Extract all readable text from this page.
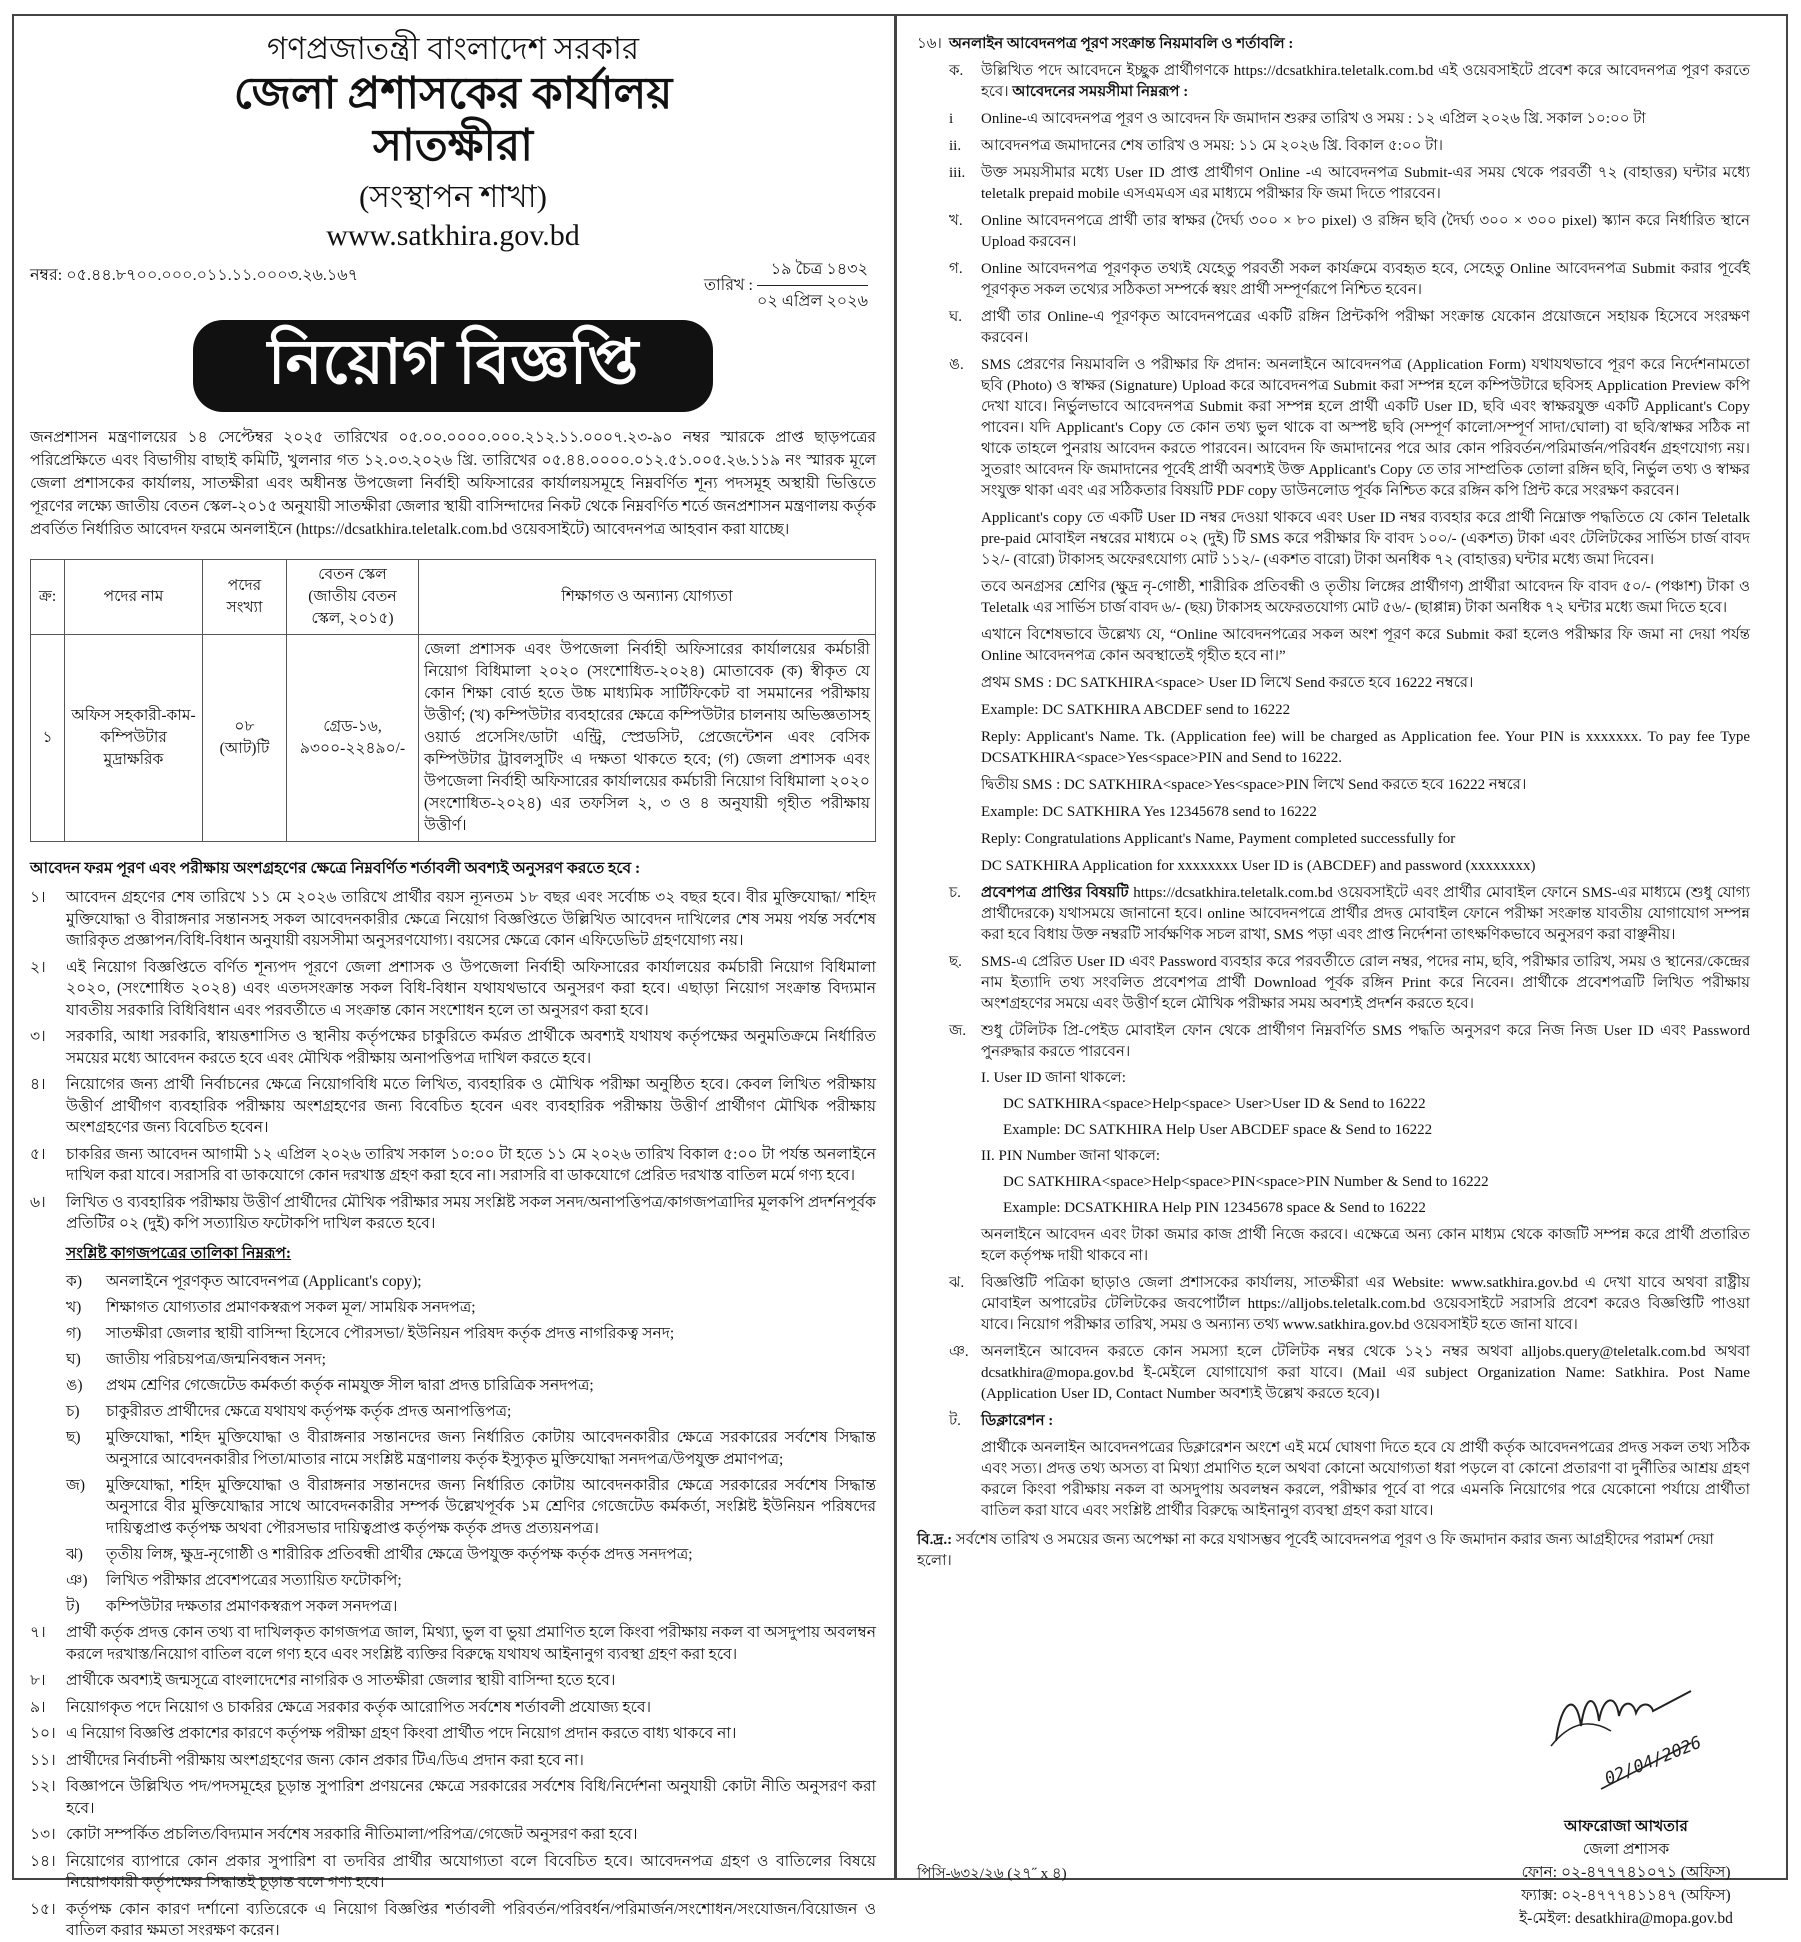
গণপ্রজাতন্ত্রী বাংলাদেশ সরকার
জেলা প্রশাসকের কার্যালয়
সাতক্ষীরা
(সংস্থাপন শাখা)
www.satkhira.gov.bd
নম্বর: ০৫.৪৪.৮৭০০.০০০.০১১.১১.০০০৩.২৬.১৬৭
তারিখ :
১৯ চৈত্র ১৪৩২
০২ এপ্রিল ২০২৬
নিয়োগ বিজ্ঞপ্তি
জনপ্রশাসন মন্ত্রণালয়ের ১৪ সেপ্টেম্বর ২০২৫ তারিখের ০৫.০০.০০০০.০০০.২১২.১১.০০০৭.২৩-৯০ নম্বর স্মারকে প্রাপ্ত ছাড়পত্রের পরিপ্রেক্ষিতে এবং বিভাগীয় বাছাই কমিটি, খুলনার গত ১২.০৩.২০২৬ খ্রি. তারিখের ০৫.৪৪.০০০০.০১২.৫১.০০৫.২৬.১১৯ নং স্মারক মূলে জেলা প্রশাসকের কার্যালয়, সাতক্ষীরা এবং অধীনস্ত উপজেলা নির্বাহী অফিসারের কার্যালয়সমূহে নিম্নবর্ণিত শূন্য পদসমূহ অস্থায়ী ভিত্তিতে পূরণের লক্ষ্যে জাতীয় বেতন স্কেল-২০১৫ অনুযায়ী সাতক্ষীরা জেলার স্থায়ী বাসিন্দাদের নিকট থেকে নিম্নবর্ণিত শর্তে জনপ্রশাসন মন্ত্রণালয় কর্তৃক প্রবর্তিত নির্ধারিত আবেদন ফরমে অনলাইনে (https://dcsatkhira.teletalk.com.bd ওয়েবসাইটে) আবেদনপত্র আহবান করা যাচ্ছে।
ক্র:	পদের নাম	পদের সংখ্যা	বেতন স্কেল (জাতীয় বেতন স্কেল, ২০১৫)	শিক্ষাগত ও অন্যান্য যোগ্যতা
১	অফিস সহকারী-কাম-কম্পিউটার মুদ্রাক্ষরিক	০৮ (আট)টি	গ্রেড-১৬, ৯৩০০-২২৪৯০/-	জেলা প্রশাসক এবং উপজেলা নির্বাহী অফিসারের কার্যালয়ের কর্মচারী নিয়োগ বিধিমালা ২০২০ (সংশোধিত-২০২৪) মোতাবেক (ক) স্বীকৃত যে কোন শিক্ষা বোর্ড হতে উচ্চ মাধ্যমিক সার্টিফিকেট বা সমমানের পরীক্ষায় উত্তীর্ণ; (খ) কম্পিউটার ব্যবহারের ক্ষেত্রে কম্পিউটার চালনায় অভিজ্ঞতাসহ ওয়ার্ড প্রসেসিং/ডাটা এন্ট্রি, স্প্রেডসিট, প্রেজেন্টেশন এবং বেসিক কম্পিউটার ট্রাবলসুটিং এ দক্ষতা থাকতে হবে; (গ) জেলা প্রশাসক এবং উপজেলা নির্বাহী অফিসারের কার্যালয়ের কর্মচারী নিয়োগ বিধিমালা ২০২০ (সংশোধিত-২০২৪) এর তফসিল ২, ৩ ও ৪ অনুযায়ী গৃহীত পরীক্ষায় উত্তীর্ণ।
আবেদন ফরম পূরণ এবং পরীক্ষায় অংশগ্রহণের ক্ষেত্রে নিম্নবর্ণিত শর্তাবলী অবশ্যই অনুসরণ করতে হবে :
১।	আবেদন গ্রহণের শেষ তারিখে ১১ মে ২০২৬ তারিখে প্রার্থীর বয়স ন্যূনতম ১৮ বছর এবং সর্বোচ্চ ৩২ বছর হবে। বীর মুক্তিযোদ্ধা/ শহিদ মুক্তিযোদ্ধা ও বীরাঙ্গনার সন্তানসহ সকল আবেদনকারীর ক্ষেত্রে নিয়োগ বিজ্ঞপ্তিতে উল্লিখিত আবেদন দাখিলের শেষ সময় পর্যন্ত সর্বশেষ জারিকৃত প্রজ্ঞাপন/বিধি-বিধান অনুযায়ী বয়সসীমা অনুসরণযোগ্য। বয়সের ক্ষেত্রে কোন এফিডেভিট গ্রহণযোগ্য নয়।
২।	এই নিয়োগ বিজ্ঞপ্তিতে বর্ণিত শূন্যপদ পূরণে জেলা প্রশাসক ও উপজেলা নির্বাহী অফিসারের কার্যালয়ের কর্মচারী নিয়োগ বিধিমালা ২০২০, (সংশোধিত ২০২৪) এবং এতদসংক্রান্ত সকল বিধি-বিধান যথাযথভাবে অনুসরণ করা হবে। এছাড়া নিয়োগ সংক্রান্ত বিদ্যমান যাবতীয় সরকারি বিধিবিধান এবং পরবর্তীতে এ সংক্রান্ত কোন সংশোধন হলে তা অনুসরণ করা হবে।
৩।	সরকারি, আধা সরকারি, স্বায়ত্তশাসিত ও স্থানীয় কর্তৃপক্ষের চাকুরিতে কর্মরত প্রার্থীকে অবশ্যই যথাযথ কর্তৃপক্ষের অনুমতিক্রমে নির্ধারিত সময়ের মধ্যে আবেদন করতে হবে এবং মৌখিক পরীক্ষায় অনাপত্তিপত্র দাখিল করতে হবে।
৪।	নিয়োগের জন্য প্রার্থী নির্বাচনের ক্ষেত্রে নিয়োগবিধি মতে লিখিত, ব্যবহারিক ও মৌখিক পরীক্ষা অনুষ্ঠিত হবে। কেবল লিখিত পরীক্ষায় উত্তীর্ণ প্রার্থীগণ ব্যবহারিক পরীক্ষায় অংশগ্রহণের জন্য বিবেচিত হবেন এবং ব্যবহারিক পরীক্ষায় উত্তীর্ণ প্রার্থীগণ মৌখিক পরীক্ষায় অংশগ্রহণের জন্য বিবেচিত হবেন।
৫।	চাকরির জন্য আবেদন আগামী ১২ এপ্রিল ২০২৬ তারিখ সকাল ১০:০০ টা হতে ১১ মে ২০২৬ তারিখ বিকাল ৫:০০ টা পর্যন্ত অনলাইনে দাখিল করা যাবে। সরাসরি বা ডাকযোগে কোন দরখাস্ত গ্রহণ করা হবে না। সরাসরি বা ডাকযোগে প্রেরিত দরখাস্ত বাতিল মর্মে গণ্য হবে।
৬।	লিখিত ও ব্যবহারিক পরীক্ষায় উত্তীর্ণ প্রার্থীদের মৌখিক পরীক্ষার সময় সংশ্লিষ্ট সকল সনদ/অনাপত্তিপত্র/কাগজপত্রাদির মূলকপি প্রদর্শনপূর্বক প্রতিটির ০২ (দুই) কপি সত্যায়িত ফটোকপি দাখিল করতে হবে।
সংশ্লিষ্ট কাগজপত্রের তালিকা নিম্নরূপ:
ক)	অনলাইনে পূরণকৃত আবেদনপত্র (Applicant's copy);
খ)	শিক্ষাগত যোগ্যতার প্রমাণকস্বরূপ সকল মূল/ সাময়িক সনদপত্র;
গ)	সাতক্ষীরা জেলার স্থায়ী বাসিন্দা হিসেবে পৌরসভা/ ইউনিয়ন পরিষদ কর্তৃক প্রদত্ত নাগরিকত্ব সনদ;
ঘ)	জাতীয় পরিচয়পত্র/জন্মনিবন্ধন সনদ;
ঙ)	প্রথম শ্রেণির গেজেটেড কর্মকর্তা কর্তৃক নামযুক্ত সীল দ্বারা প্রদত্ত চারিত্রিক সনদপত্র;
চ)	চাকুরীরত প্রার্থীদের ক্ষেত্রে যথাযথ কর্তৃপক্ষ কর্তৃক প্রদত্ত অনাপত্তিপত্র;
ছ)	মুক্তিযোদ্ধা, শহিদ মুক্তিযোদ্ধা ও বীরাঙ্গনার সন্তানদের জন্য নির্ধারিত কোটায় আবেদনকারীর ক্ষেত্রে সরকারের সর্বশেষ সিদ্ধান্ত অনুসারে আবেদনকারীর পিতা/মাতার নামে সংশ্লিষ্ট মন্ত্রণালয় কর্তৃক ইস্যুকৃত মুক্তিযোদ্ধা সনদপত্র/উপযুক্ত প্রমাণপত্র;
জ)	মুক্তিযোদ্ধা, শহিদ মুক্তিযোদ্ধা ও বীরাঙ্গনার সন্তানদের জন্য নির্ধারিত কোটায় আবেদনকারীর ক্ষেত্রে সরকারের সর্বশেষ সিদ্ধান্ত অনুসারে বীর মুক্তিযোদ্ধার সাথে আবেদনকারীর সম্পর্ক উল্লেখপূর্বক ১ম শ্রেণির গেজেটেড কর্মকর্তা, সংশ্লিষ্ট ইউনিয়ন পরিষদের দায়িত্বপ্রাপ্ত কর্তৃপক্ষ অথবা পৌরসভার দায়িত্বপ্রাপ্ত কর্তৃপক্ষ কর্তৃক প্রদত্ত প্রত্যয়নপত্র।
ঝ)	তৃতীয় লিঙ্গ, ক্ষুদ্র-নৃগোষ্ঠী ও শারীরিক প্রতিবন্ধী প্রার্থীর ক্ষেত্রে উপযুক্ত কর্তৃপক্ষ কর্তৃক প্রদত্ত সনদপত্র;
ঞ)	লিখিত পরীক্ষার প্রবেশপত্রের সত্যায়িত ফটোকপি;
ট)	কম্পিউটার দক্ষতার প্রমাণকস্বরূপ সকল সনদপত্র।
৭।	প্রার্থী কর্তৃক প্রদত্ত কোন তথ্য বা দাখিলকৃত কাগজপত্র জাল, মিথ্যা, ভুল বা ভুয়া প্রমাণিত হলে কিংবা পরীক্ষায় নকল বা অসদুপায় অবলম্বন করলে দরখাস্ত/নিয়োগ বাতিল বলে গণ্য হবে এবং সংশ্লিষ্ট ব্যক্তির বিরুদ্ধে যথাযথ আইনানুগ ব্যবস্থা গ্রহণ করা হবে।
৮।	প্রার্থীকে অবশ্যই জন্মসূত্রে বাংলাদেশের নাগরিক ও সাতক্ষীরা জেলার স্থায়ী বাসিন্দা হতে হবে।
৯।	নিয়োগকৃত পদে নিয়োগ ও চাকরির ক্ষেত্রে সরকার কর্তৃক আরোপিত সর্বশেষ শর্তাবলী প্রযোজ্য হবে।
১০। এ নিয়োগ বিজ্ঞপ্তি প্রকাশের কারণে কর্তৃপক্ষ পরীক্ষা গ্রহণ কিংবা প্রার্থীত পদে নিয়োগ প্রদান করতে বাধ্য থাকবে না।
১১। প্রার্থীদের নির্বাচনী পরীক্ষায় অংশগ্রহণের জন্য কোন প্রকার টিএ/ডিএ প্রদান করা হবে না।
১২। বিজ্ঞাপনে উল্লিখিত পদ/পদসমূহের চূড়ান্ত সুপারিশ প্রণয়নের ক্ষেত্রে সরকারের সর্বশেষ বিধি/নির্দেশনা অনুযায়ী কোটা নীতি অনুসরণ করা হবে।
১৩। কোটা সম্পর্কিত প্রচলিত/বিদ্যমান সর্বশেষ সরকারি নীতিমালা/পরিপত্র/গেজেট অনুসরণ করা হবে।
১৪। নিয়োগের ব্যাপারে কোন প্রকার সুপারিশ বা তদবির প্রার্থীর অযোগ্যতা বলে বিবেচিত হবে। আবেদনপত্র গ্রহণ ও বাতিলের বিষয়ে নিয়োগকারী কর্তৃপক্ষের সিদ্ধান্তই চূড়ান্ত বলে গণ্য হবে।
১৫। কর্তৃপক্ষ কোন কারণ দর্শানো ব্যতিরেকে এ নিয়োগ বিজ্ঞপ্তির শর্তাবলী পরিবর্তন/পরিবর্ধন/পরিমার্জন/সংশোধন/সংযোজন/বিয়োজন ও বাতিল করার ক্ষমতা সংরক্ষণ করেন।
১৬। অনলাইন আবেদনপত্র পূরণ সংক্রান্ত নিয়মাবলি ও শর্তাবলি :
ক.	উল্লিখিত পদে আবেদনে ইচ্ছুক প্রার্থীগণকে https://dcsatkhira.teletalk.com.bd এই ওয়েবসাইটে প্রবেশ করে আবেদনপত্র পূরণ করতে হবে। আবেদনের সময়সীমা নিম্নরূপ :
i	Online-এ আবেদনপত্র পূরণ ও আবেদন ফি জমাদান শুরুর তারিখ ও সময় : ১২ এপ্রিল ২০২৬ খ্রি. সকাল ১০:০০ টা
ii.	আবেদনপত্র জমাদানের শেষ তারিখ ও সময়: ১১ মে ২০২৬ খ্রি. বিকাল ৫:০০ টা।
iii.	উক্ত সময়সীমার মধ্যে User ID প্রাপ্ত প্রার্থীগণ Online -এ আবেদনপত্র Submit-এর সময় থেকে পরবর্তী ৭২ (বাহাত্তর) ঘন্টার মধ্যে teletalk prepaid mobile এসএমএস এর মাধ্যমে পরীক্ষার ফি জমা দিতে পারবেন।
খ.	Online আবেদনপত্রে প্রার্থী তার স্বাক্ষর (দৈর্ঘ্য ৩০০ × ৮০ pixel) ও রঙ্গিন ছবি (দৈর্ঘ্য ৩০০ × ৩০০ pixel) স্ক্যান করে নির্ধারিত স্থানে Upload করবেন।
গ.	Online আবেদনপত্র পূরণকৃত তথ্যই যেহেতু পরবর্তী সকল কার্যক্রমে ব্যবহৃত হবে, সেহেতু Online আবেদনপত্র Submit করার পূর্বেই পূরণকৃত সকল তথ্যের সঠিকতা সম্পর্কে স্বয়ং প্রার্থী সম্পূর্ণরূপে নিশ্চিত হবেন।
ঘ.	প্রার্থী তার Online-এ পূরণকৃত আবেদনপত্রের একটি রঙ্গিন প্রিন্টকপি পরীক্ষা সংক্রান্ত যেকোন প্রয়োজনে সহায়ক হিসেবে সংরক্ষণ করবেন।
ঙ.	SMS প্রেরণের নিয়মাবলি ও পরীক্ষার ফি প্রদান: অনলাইনে আবেদনপত্র (Application Form) যথাযথভাবে পূরণ করে নির্দেশনামতো ছবি (Photo) ও স্বাক্ষর (Signature) Upload করে আবেদনপত্র Submit করা সম্পন্ন হলে কম্পিউটারে ছবিসহ Application Preview কপি দেখা যাবে। নির্ভুলভাবে আবেদনপত্র Submit করা সম্পন্ন হলে প্রার্থী একটি User ID, ছবি এবং স্বাক্ষরযুক্ত একটি Applicant's Copy পাবেন। যদি Applicant's Copy তে কোন তথ্য ভুল থাকে বা অস্পষ্ট ছবি (সম্পূর্ণ কালো/সম্পূর্ণ সাদা/ঘোলা) বা ছবি/স্বাক্ষর সঠিক না থাকে তাহলে পুনরায় আবেদন করতে পারবেন। আবেদন ফি জমাদানের পরে আর কোন পরিবর্তন/পরিমার্জন/পরিবর্ধন গ্রহণযোগ্য নয়। সুতরাং আবেদন ফি জমাদানের পূর্বেই প্রার্থী অবশ্যই উক্ত Applicant's Copy তে তার সাম্প্রতিক তোলা রঙ্গিন ছবি, নির্ভুল তথ্য ও স্বাক্ষর সংযুক্ত থাকা এবং এর সঠিকতার বিষয়টি PDF copy ডাউনলোড পূর্বক নিশ্চিত করে রঙ্গিন কপি প্রিন্ট করে সংরক্ষণ করবেন।
Applicant's copy তে একটি User ID নম্বর দেওয়া থাকবে এবং User ID নম্বর ব্যবহার করে প্রার্থী নিম্নোক্ত পদ্ধতিতে যে কোন Teletalk pre-paid মোবাইল নম্বরের মাধ্যমে ০২ (দুই) টি SMS করে পরীক্ষার ফি বাবদ ১০০/- (একশত) টাকা এবং টেলিটকের সার্ভিস চার্জ বাবদ ১২/- (বারো) টাকাসহ অফেরৎযোগ্য মোট ১১২/- (একশত বারো) টাকা অনধিক ৭২ (বাহাত্তর) ঘন্টার মধ্যে জমা দিবেন।
তবে অনগ্রসর শ্রেণির (ক্ষুদ্র নৃ-গোষ্ঠী, শারীরিক প্রতিবন্ধী ও তৃতীয় লিঙ্গের প্রার্থীগণ) প্রার্থীরা আবেদন ফি বাবদ ৫০/- (পঞ্চাশ) টাকা ও Teletalk এর সার্ভিস চার্জ বাবদ ৬/- (ছয়) টাকাসহ অফেরতযোগ্য মোট ৫৬/- (ছাপ্পান্ন) টাকা অনধিক ৭২ ঘন্টার মধ্যে জমা দিতে হবে।
এখানে বিশেষভাবে উল্লেখ্য যে, “Online আবেদনপত্রের সকল অংশ পূরণ করে Submit করা হলেও পরীক্ষার ফি জমা না দেয়া পর্যন্ত Online আবেদনপত্র কোন অবস্থাতেই গৃহীত হবে না।”
প্রথম SMS : DC SATKHIRA<space> User ID লিখে Send করতে হবে 16222 নম্বরে।
Example: DC SATKHIRA ABCDEF send to 16222
Reply: Applicant's Name. Tk. (Application fee) will be charged as Application fee. Your PIN is xxxxxxx. To pay fee Type DCSATKHIRA<space>Yes<space>PIN and Send to 16222.
দ্বিতীয় SMS : DC SATKHIRA<space>Yes<space>PIN লিখে Send করতে হবে 16222 নম্বরে।
Example: DC SATKHIRA Yes 12345678 send to 16222
Reply: Congratulations Applicant's Name, Payment completed successfully for
DC SATKHIRA Application for xxxxxxxx User ID is (ABCDEF) and password (xxxxxxxx)
চ.	প্রবেশপত্র প্রাপ্তির বিষয়টি https://dcsatkhira.teletalk.com.bd ওয়েবসাইটে এবং প্রার্থীর মোবাইল ফোনে SMS-এর মাধ্যমে (শুধু যোগ্য প্রার্থীদেরকে) যথাসময়ে জানানো হবে। online আবেদনপত্রে প্রার্থীর প্রদত্ত মোবাইল ফোনে পরীক্ষা সংক্রান্ত যাবতীয় যোগাযোগ সম্পন্ন করা হবে বিধায় উক্ত নম্বরটি সার্বক্ষণিক সচল রাখা, SMS পড়া এবং প্রাপ্ত নির্দেশনা তাৎক্ষণিকভাবে অনুসরণ করা বাঞ্ছনীয়।
ছ.	SMS-এ প্রেরিত User ID এবং Password ব্যবহার করে পরবর্তীতে রোল নম্বর, পদের নাম, ছবি, পরীক্ষার তারিখ, সময় ও স্থানের/কেন্দ্রের নাম ইত্যাদি তথ্য সংবলিত প্রবেশপত্র প্রার্থী Download পূর্বক রঙ্গিন Print করে নিবেন। প্রার্থীকে প্রবেশপত্রটি লিখিত পরীক্ষায় অংশগ্রহণের সময়ে এবং উত্তীর্ণ হলে মৌখিক পরীক্ষার সময় অবশ্যই প্রদর্শন করতে হবে।
জ. শুধু টেলিটক প্রি-পেইড মোবাইল ফোন থেকে প্রার্থীগণ নিম্নবর্ণিত SMS পদ্ধতি অনুসরণ করে নিজ নিজ User ID এবং Password পুনরুদ্ধার করতে পারবেন।
I. User ID জানা থাকলে:
DC SATKHIRA<space>Help<space> User>User ID & Send to 16222
Example: DC SATKHIRA Help User ABCDEF space & Send to 16222
II. PIN Number জানা থাকলে:
DC SATKHIRA<space>Help<space>PIN<space>PIN Number & Send to 16222
Example: DCSATKHIRA Help PIN 12345678 space & Send to 16222
অনলাইনে আবেদন এবং টাকা জমার কাজ প্রার্থী নিজে করবে। এক্ষেত্রে অন্য কোন মাধ্যম থেকে কাজটি সম্পন্ন করে প্রার্থী প্রতারিত হলে কর্তৃপক্ষ দায়ী থাকবে না।
ঝ.	বিজ্ঞপ্তিটি পত্রিকা ছাড়াও জেলা প্রশাসকের কার্যালয়, সাতক্ষীরা এর Website: www.satkhira.gov.bd এ দেখা যাবে অথবা রাষ্ট্রীয় মোবাইল অপারেটর টেলিটকের জবপোর্টাল https://alljobs.teletalk.com.bd ওয়েবসাইটে সরাসরি প্রবেশ করেও বিজ্ঞপ্তিটি পাওয়া যাবে। নিয়োগ পরীক্ষার তারিখ, সময় ও অন্যান্য তথ্য www.satkhira.gov.bd ওয়েবসাইট হতে জানা যাবে।
ঞ. অনলাইনে আবেদন করতে কোন সমস্যা হলে টেলিটক নম্বর থেকে ১২১ নম্বর অথবা alljobs.query@teletalk.com.bd অথবা dcsatkhira@mopa.gov.bd ই-মেইলে যোগাযোগ করা যাবে। (Mail এর subject Organization Name: Satkhira. Post Name (Application User ID, Contact Number অবশ্যই উল্লেখ করতে হবে)।
ট.	ডিক্লারেশন :
প্রার্থীকে অনলাইন আবেদনপত্রের ডিক্লারেশন অংশে এই মর্মে ঘোষণা দিতে হবে যে প্রার্থী কর্তৃক আবেদনপত্রের প্রদত্ত সকল তথ্য সঠিক এবং সত্য। প্রদত্ত তথ্য অসত্য বা মিথ্যা প্রমাণিত হলে অথবা কোনো অযোগ্যতা ধরা পড়লে বা কোনো প্রতারণা বা দুর্নীতির আশ্রয় গ্রহণ করলে কিংবা পরীক্ষায় নকল বা অসদুপায় অবলম্বন করলে, পরীক্ষার পূর্বে বা পরে এমনকি নিয়োগের পরে যেকোনো পর্যায়ে প্রার্থীতা বাতিল করা যাবে এবং সংশ্লিষ্ট প্রার্থীর বিরুদ্ধে আইনানুগ ব্যবস্থা গ্রহণ করা যাবে।
বি.দ্র.: সর্বশেষ তারিখ ও সময়ের জন্য অপেক্ষা না করে যথাসম্ভব পূর্বেই আবেদনপত্র পূরণ ও ফি জমাদান করার জন্য আগ্রহীদের পরামর্শ দেয়া হলো।
02/04/2026
আফরোজা আখতার
জেলা প্রশাসক
ফোন: ০২-৪৭৭৭৪১০৭১ (অফিস)
ফ্যাক্স: ০২-৪৭৭৭৪১১৪৭ (অফিস)
ই-মেইল: desatkhira@mopa.gov.bd
পিসি-৬৩২/২৬ (২৭˝ x ৪)
